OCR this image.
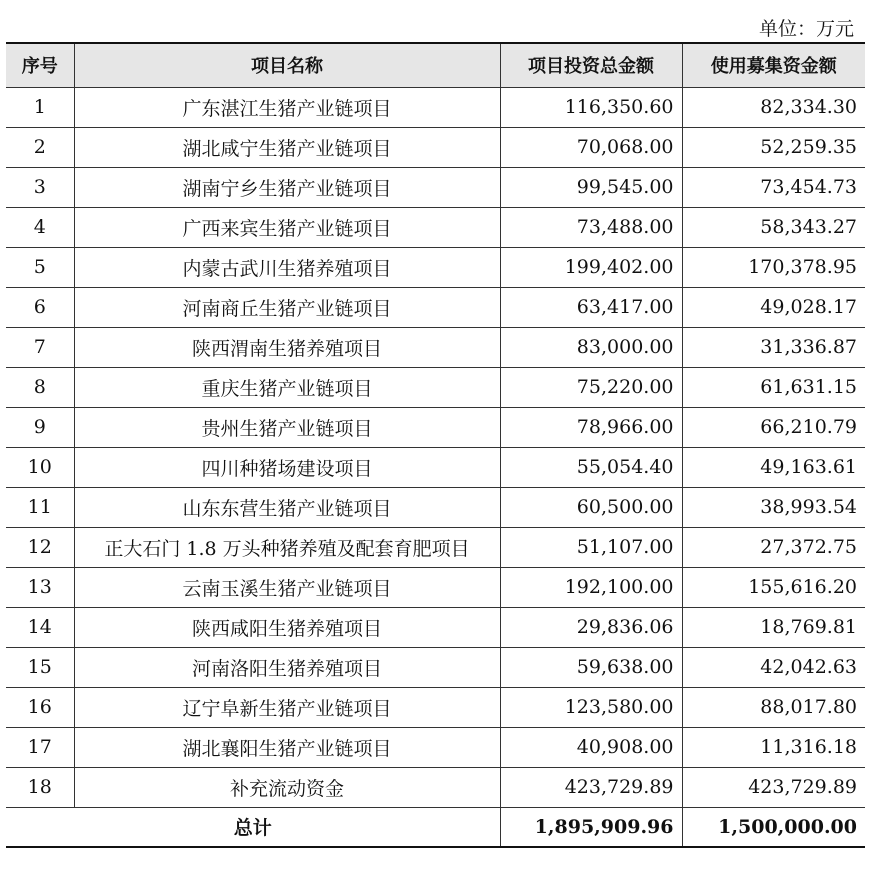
单位：万元
序号	项目名称	项目投资总金额	使用募集资金额
1	广东湛江生猪产业链项目	116,350.60	82,334.30
2	湖北咸宁生猪产业链项目	70,068.00	52,259.35
3	湖南宁乡生猪产业链项目	99,545.00	73,454.73
4	广西来宾生猪产业链项目	73,488.00	58,343.27
5	内蒙古武川生猪养殖项目	199,402.00	170,378.95
6	河南商丘生猪产业链项目	63,417.00	49,028.17
7	陕西渭南生猪养殖项目	83,000.00	31,336.87
8	重庆生猪产业链项目	75,220.00	61,631.15
9	贵州生猪产业链项目	78,966.00	66,210.79
10	四川种猪场建设项目	55,054.40	49,163.61
11	山东东营生猪产业链项目	60,500.00	38,993.54
12	正大石门 1.8 万头种猪养殖及配套育肥项目	51,107.00	27,372.75
13	云南玉溪生猪产业链项目	192,100.00	155,616.20
14	陕西咸阳生猪养殖项目	29,836.06	18,769.81
15	河南洛阳生猪养殖项目	59,638.00	42,042.63
16	辽宁阜新生猪产业链项目	123,580.00	88,017.80
17	湖北襄阳生猪产业链项目	40,908.00	11,316.18
18	补充流动资金	423,729.89	423,729.89
总计		1,895,909.96	1,500,000.00
